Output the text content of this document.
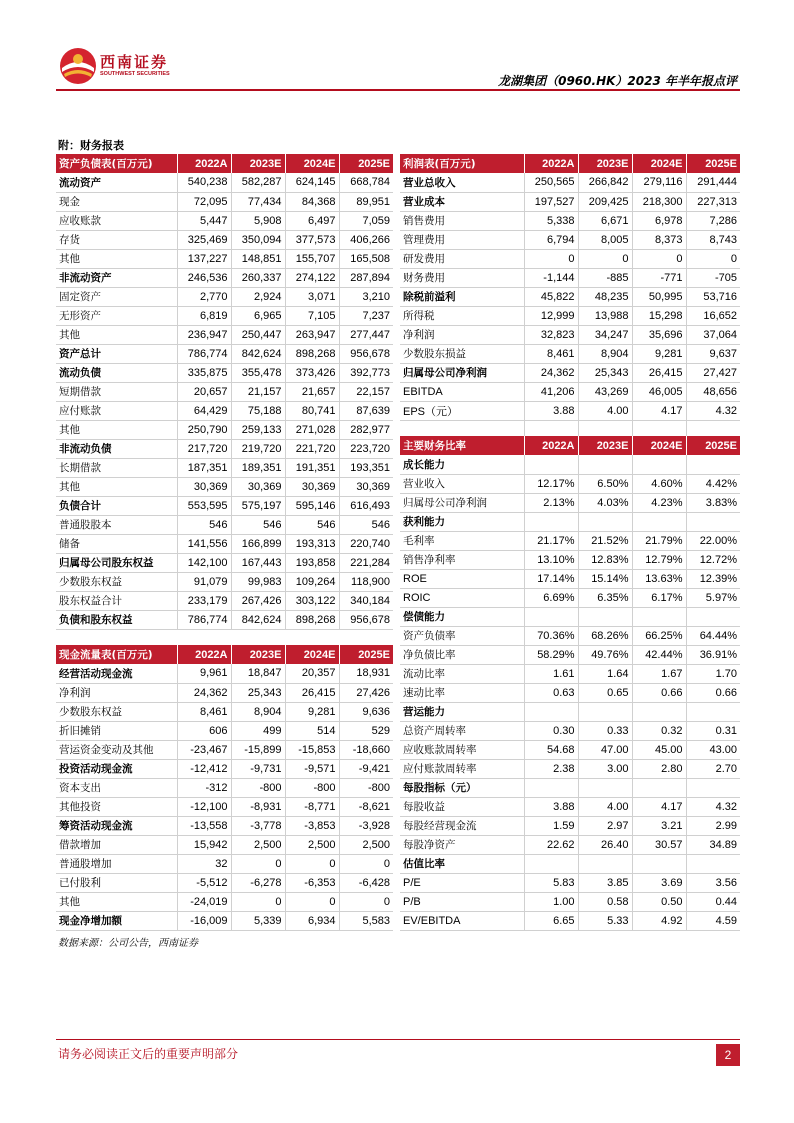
西南证券
SOUTHWEST SECURITIES	龙湖集团（0960.HK）2023 年半年报点评
附：财务报表
资产负债表(百万元)	2022A	2023E	2024E	2025E
流动资产	540,238	582,287	624,145	668,784
现金	72,095	77,434	84,368	89,951
应收账款	5,447	5,908	6,497	7,059
存货	325,469	350,094	377,573	406,266
其他	137,227	148,851	155,707	165,508
非流动资产	246,536	260,337	274,122	287,894
固定资产	2,770	2,924	3,071	3,210
无形资产	6,819	6,965	7,105	7,237
其他	236,947	250,447	263,947	277,447
资产总计	786,774	842,624	898,268	956,678
流动负债	335,875	355,478	373,426	392,773
短期借款	20,657	21,157	21,657	22,157
应付账款	64,429	75,188	80,741	87,639
其他	250,790	259,133	271,028	282,977
非流动负债	217,720	219,720	221,720	223,720
长期借款	187,351	189,351	191,351	193,351
其他	30,369	30,369	30,369	30,369
负债合计	553,595	575,197	595,146	616,493
普通股股本	546	546	546	546
储备	141,556	166,899	193,313	220,740
归属母公司股东权益	142,100	167,443	193,858	221,284
少数股东权益	91,079	99,983	109,264	118,900
股东权益合计	233,179	267,426	303,122	340,184
负债和股东权益	786,774	842,624	898,268	956,678
利润表(百万元)	2022A	2023E	2024E	2025E
营业总收入	250,565	266,842	279,116	291,444
营业成本	197,527	209,425	218,300	227,313
销售费用	5,338	6,671	6,978	7,286
管理费用	6,794	8,005	8,373	8,743
研发费用	0	0	0	0
财务费用	-1,144	-885	-771	-705
除税前溢利	45,822	48,235	50,995	53,716
所得税	12,999	13,988	15,298	16,652
净利润	32,823	34,247	35,696	37,064
少数股东损益	8,461	8,904	9,281	9,637
归属母公司净利润	24,362	25,343	26,415	27,427
EBITDA	41,206	43,269	46,005	48,656
EPS（元）	3.88	4.00	4.17	4.32

主要财务比率	2022A	2023E	2024E	2025E
成长能力				
营业收入	12.17%	6.50%	4.60%	4.42%
归属母公司净利润	2.13%	4.03%	4.23%	3.83%
获利能力				
毛利率	21.17%	21.52%	21.79%	22.00%
销售净利率	13.10%	12.83%	12.79%	12.72%
ROE	17.14%	15.14%	13.63%	12.39%
ROIC	6.69%	6.35%	6.17%	5.97%
偿债能力				
资产负债率	70.36%	68.26%	66.25%	64.44%
净负债比率	58.29%	49.76%	42.44%	36.91%
流动比率	1.61	1.64	1.67	1.70
速动比率	0.63	0.65	0.66	0.66
营运能力				
总资产周转率	0.30	0.33	0.32	0.31
应收账款周转率	54.68	47.00	45.00	43.00
应付账款周转率	2.38	3.00	2.80	2.70
每股指标（元）				
每股收益	3.88	4.00	4.17	4.32
每股经营现金流	1.59	2.97	3.21	2.99
每股净资产	22.62	26.40	30.57	34.89
估值比率				
P/E	5.83	3.85	3.69	3.56
P/B	1.00	0.58	0.50	0.44
EV/EBITDA	6.65	5.33	4.92	4.59
现金流量表(百万元)	2022A	2023E	2024E	2025E
经营活动现金流	9,961	18,847	20,357	18,931
净利润	24,362	25,343	26,415	27,426
少数股东权益	8,461	8,904	9,281	9,636
折旧摊销	606	499	514	529
营运资金变动及其他	-23,467	-15,899	-15,853	-18,660
投资活动现金流	-12,412	-9,731	-9,571	-9,421
资本支出	-312	-800	-800	-800
其他投资	-12,100	-8,931	-8,771	-8,621
筹资活动现金流	-13,558	-3,778	-3,853	-3,928
借款增加	15,942	2,500	2,500	2,500
普通股增加	32	0	0	0
已付股利	-5,512	-6,278	-6,353	-6,428
其他	-24,019	0	0	0
现金净增加额	-16,009	5,339	6,934	5,583
数据来源：公司公告，西南证券
请务必阅读正文后的重要声明部分	2
